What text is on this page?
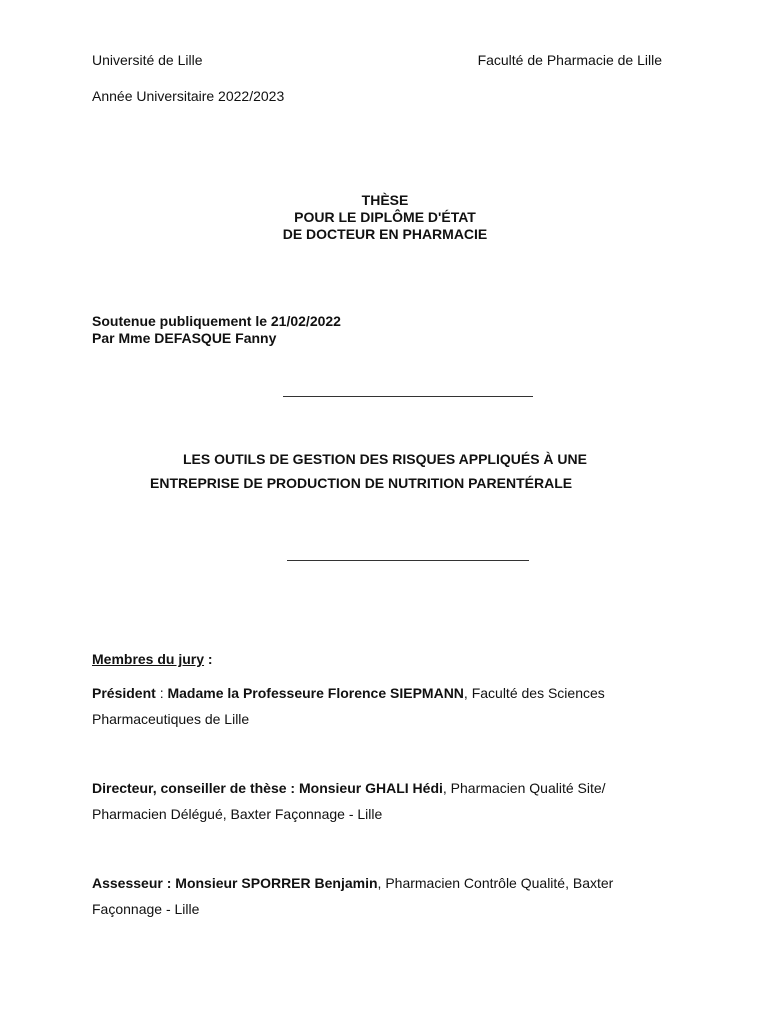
Université de Lille	Faculté de Pharmacie de Lille
Année Universitaire 2022/2023
THÈSE
POUR LE DIPLÔME D'ÉTAT
DE DOCTEUR EN PHARMACIE
Soutenue publiquement le 21/02/2022
Par Mme DEFASQUE Fanny
LES OUTILS DE GESTION DES RISQUES APPLIQUÉS À UNE
ENTREPRISE DE PRODUCTION DE NUTRITION PARENTÉRALE
Membres du jury :
Président : Madame la Professeure Florence SIEPMANN, Faculté des Sciences Pharmaceutiques de Lille
Directeur, conseiller de thèse : Monsieur GHALI Hédi, Pharmacien Qualité Site/ Pharmacien Délégué, Baxter Façonnage - Lille
Assesseur : Monsieur SPORRER Benjamin, Pharmacien Contrôle Qualité, Baxter Façonnage - Lille
